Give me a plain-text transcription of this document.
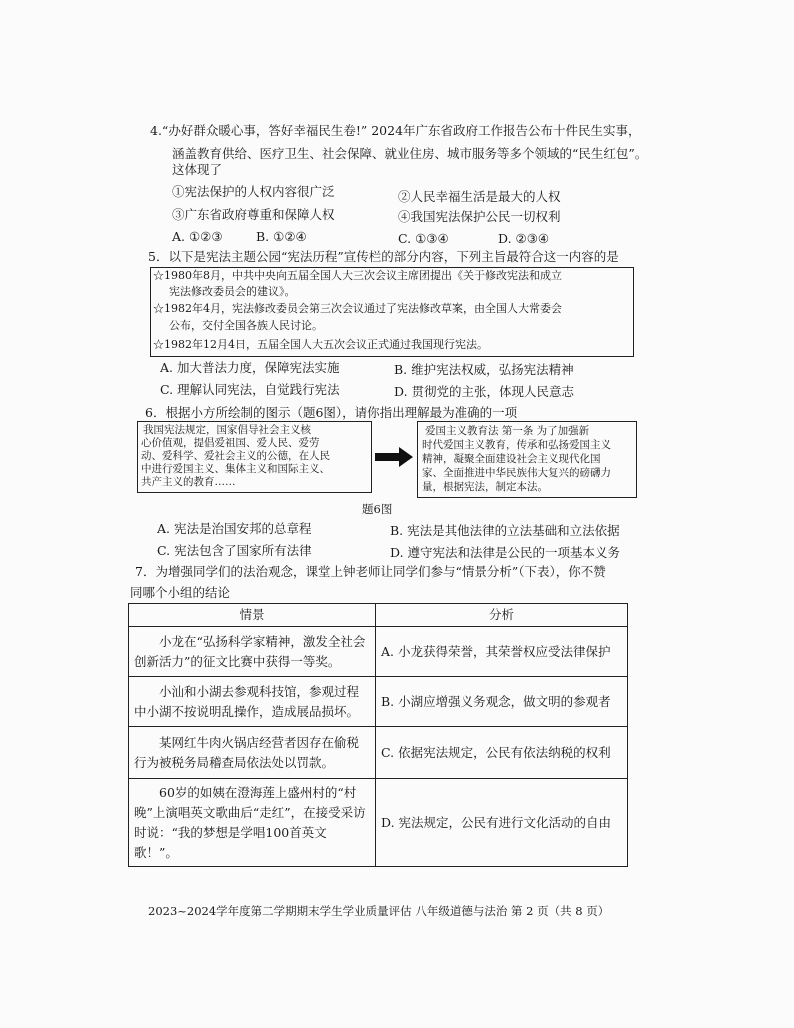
4.“办好群众暖心事，答好幸福民生卷!” 2024年广东省政府工作报告公布十件民生实事，
涵盖教育供给、医疗卫生、社会保障、就业住房、城市服务等多个领域的“民生红包”。
这体现了
①宪法保护的人权内容很广泛	②人民幸福生活是最大的人权
③广东省政府尊重和保障人权	④我国宪法保护公民一切权利
A. ①②③	B. ①②④	C. ①③④	D. ②③④
5．以下是宪法主题公园“宪法历程”宣传栏的部分内容，下列主旨最符合这一内容的是
☆1980年8月，中共中央向五届全国人大三次会议主席团提出《关于修改宪法和成立
宪法修改委员会的建议》。
☆1982年4月，宪法修改委员会第三次会议通过了宪法修改草案，由全国人大常委会
公布，交付全国各族人民讨论。
☆1982年12月4日，五届全国人大五次会议正式通过我国现行宪法。
A. 加大普法力度，保障宪法实施	B. 维护宪法权威，弘扬宪法精神
C. 理解认同宪法，自觉践行宪法	D. 贯彻党的主张，体现人民意志
6．根据小方所绘制的图示（题6图），请你指出理解最为准确的一项
我国宪法规定，国家倡导社会主义核
心价值观，提倡爱祖国、爱人民、爱劳
动、爱科学、爱社会主义的公德，在人民
中进行爱国主义、集体主义和国际主义、
共产主义的教育……
爱国主义教育法 第一条 为了加强新
时代爱国主义教育，传承和弘扬爱国主义
精神，凝聚全面建设社会主义现代化国
家、全面推进中华民族伟大复兴的磅礴力
量，根据宪法，制定本法。
题6图
A. 宪法是治国安邦的总章程	B. 宪法是其他法律的立法基础和立法依据
C. 宪法包含了国家所有法律	D. 遵守宪法和法律是公民的一项基本义务
7．为增强同学们的法治观念，课堂上钟老师让同学们参与“情景分析”（下表），你不赞
同哪个小组的结论
情景	分析
小龙在“弘扬科学家精神，激发全社会创新活力”的征文比赛中获得一等奖。	A. 小龙获得荣誉，其荣誉权应受法律保护
小汕和小湖去参观科技馆，参观过程中小湖不按说明乱操作，造成展品损坏。	B. 小湖应增强义务观念，做文明的参观者
某网红牛肉火锅店经营者因存在偷税行为被税务局稽查局依法处以罚款。	C. 依据宪法规定，公民有依法纳税的权利
60岁的如姨在澄海莲上盛州村的“村晚”上演唱英文歌曲后“走红”，在接受采访时说：“我的梦想是学唱100首英文歌！”。	D. 宪法规定，公民有进行文化活动的自由
2023~2024学年度第二学期期末学生学业质量评估 八年级道德与法治 第 2 页（共 8 页）
